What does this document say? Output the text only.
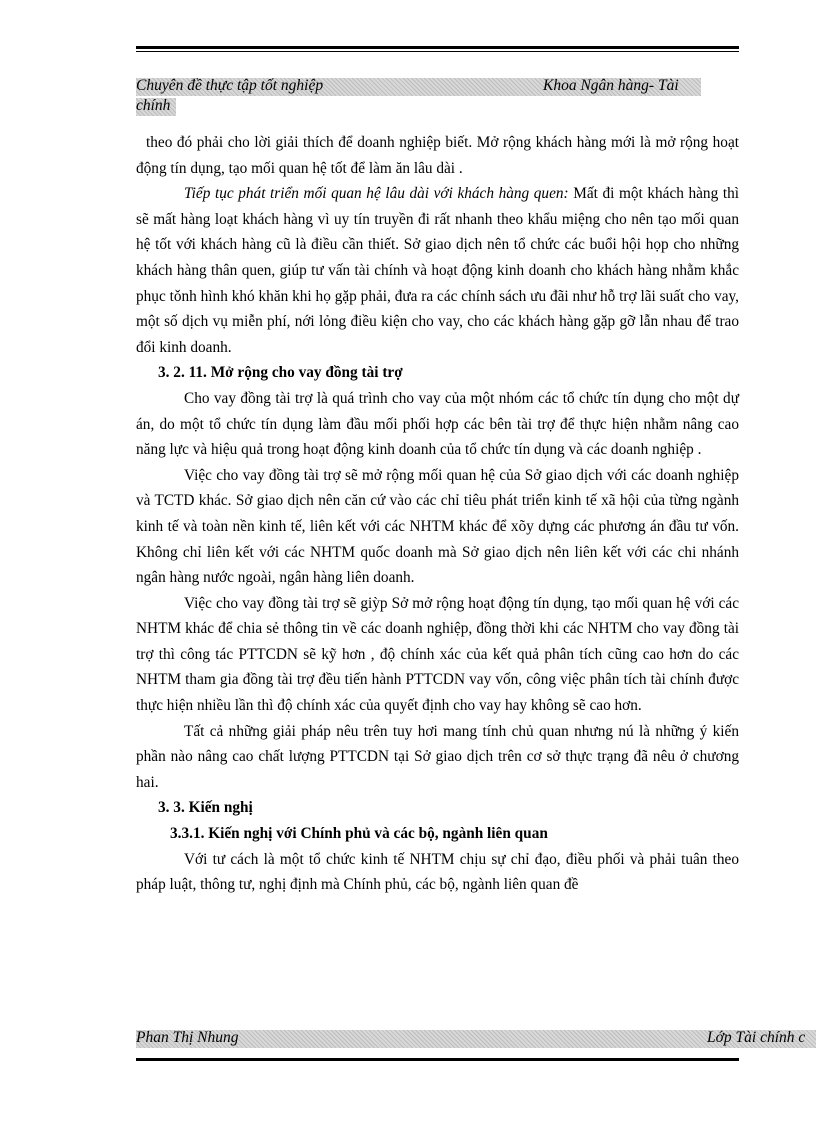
Chuyên đề thực tập tốt nghiệp
chính
Khoa Ngân hàng- Tài

theo đó phải cho lời giải thích để doanh nghiệp biết. Mở rộng khách hàng mới là mở rộng hoạt động tín dụng, tạo mối quan hệ tốt để làm ăn lâu dài .

Tiếp tục phát triển mối quan hệ lâu dài với khách hàng quen: Mất đi một khách hàng thì sẽ mất hàng loạt khách hàng vì uy tín truyền đi rất nhanh theo khẩu miệng cho nên tạo mối quan hệ tốt với khách hàng cũ là điều cần thiết. Sở giao dịch nên tổ chức các buổi hội họp cho những khách hàng thân quen, giúp tư vấn tài chính và hoạt động kinh doanh cho khách hàng nhằm khắc phục tǒnh hình khó khăn khi họ gặp phải, đưa ra các chính sách ưu đãi như hỗ trợ lãi suất cho vay, một số dịch vụ miễn phí, nới lỏng điều kiện cho vay, cho các khách hàng gặp gỡ lẫn nhau để trao đổi kinh doanh.

3. 2. 11. Mở rộng cho vay đồng tài trợ

Cho vay đồng tài trợ là quá trình cho vay của một nhóm các tổ chức tín dụng cho một dự án, do một tổ chức tín dụng làm đầu mối phối hợp các bên tài trợ để thực hiện nhằm nâng cao năng lực và hiệu quả trong hoạt động kinh doanh của tổ chức tín dụng và các doanh nghiệp .

Việc cho vay đồng tài trợ sẽ mở rộng mối quan hệ của Sở giao dịch với các doanh nghiệp và TCTD khác. Sở giao dịch nên căn cứ vào các chỉ tiêu phát triển kinh tế xã hội của từng ngành kinh tế và toàn nền kinh tế, liên kết với các NHTM khác để xõy dựng các phương án đầu tư vốn. Không chỉ liên kết với các NHTM quốc doanh mà Sở giao dịch nên liên kết với các chi nhánh ngân hàng nước ngoài, ngân hàng liên doanh.

Việc cho vay đồng tài trợ sẽ giỳp Sở mở rộng hoạt động tín dụng, tạo mối quan hệ với các NHTM khác để chia sẻ thông tin về các doanh nghiệp, đồng thời khi các NHTM cho vay đồng tài trợ thì công tác PTTCDN sẽ kỹ hơn , độ chính xác của kết quả phân tích cũng cao hơn do các NHTM tham gia đồng tài trợ đều tiến hành PTTCDN vay vốn, công việc phân tích tài chính được thực hiện nhiều lần thì độ chính xác của quyết định cho vay hay không sẽ cao hơn.

Tất cả những giải pháp nêu trên tuy hơi mang tính chủ quan nhưng nú là những ý kiến phần nào nâng cao chất lượng PTTCDN tại Sở giao dịch trên cơ sở thực trạng đã nêu ở chương hai.

3. 3. Kiến nghị
3.3.1. Kiến nghị với Chính phủ và các bộ, ngành liên quan

Với tư cách là một tổ chức kinh tế NHTM chịu sự chỉ đạo, điều phối và phải tuân theo pháp luật, thông tư, nghị định mà Chính phủ, các bộ, ngành liên quan đề

Phan Thị Nhung	Lớp Tài chính c
